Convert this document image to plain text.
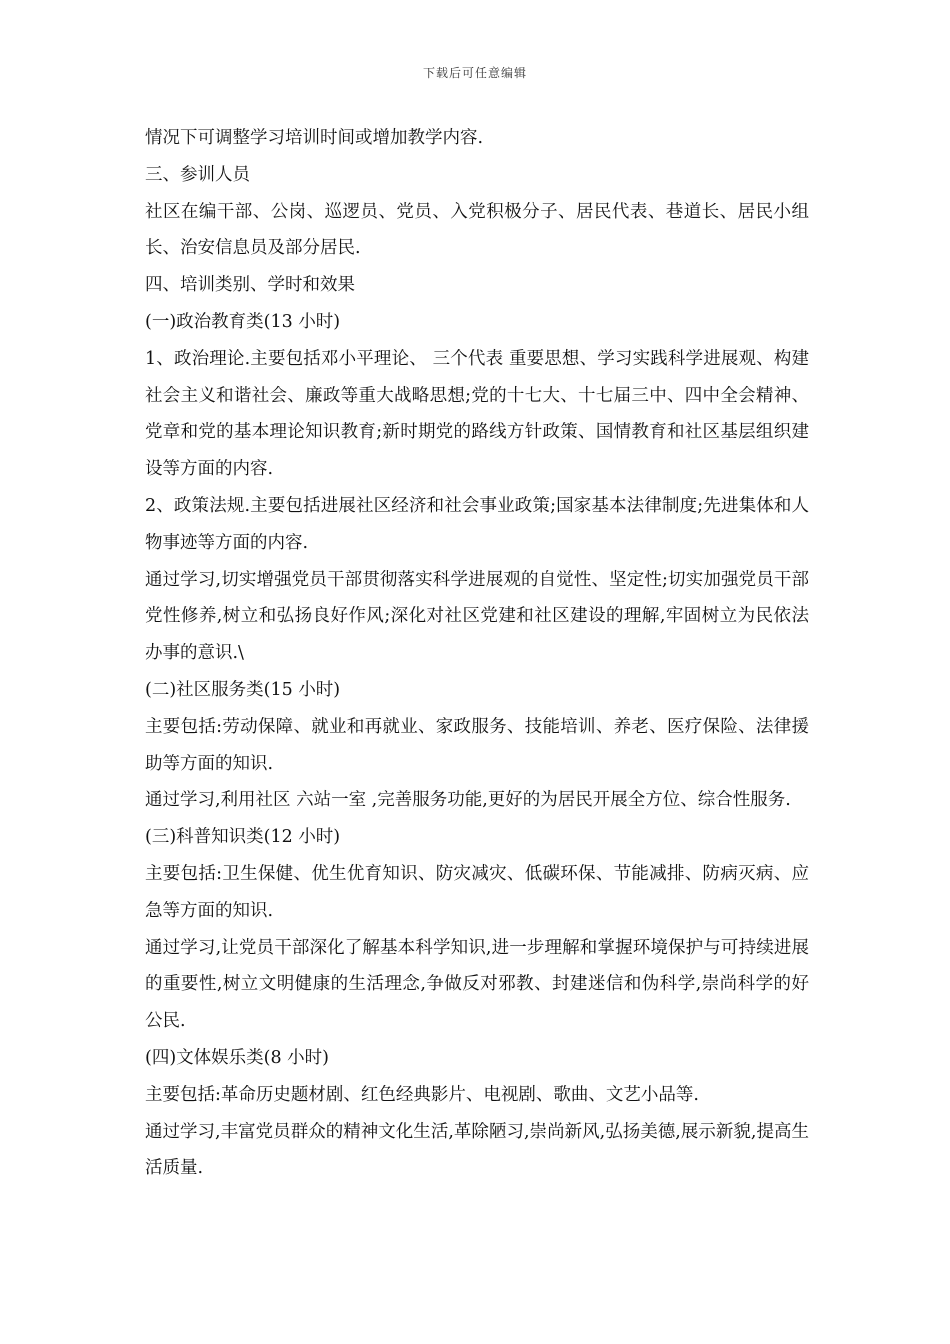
下载后可任意编辑

情况下可调整学习培训时间或增加教学内容.

三、参训人员

社区在编干部、公岗、巡逻员、党员、入党积极分子、居民代表、巷道长、居民小组长、治安信息员及部分居民.

四、培训类别、学时和效果

(一)政治教育类(13 小时)

1、政治理论.主要包括邓小平理论、 三个代表 重要思想、学习实践科学进展观、构建社会主义和谐社会、廉政等重大战略思想;党的十七大、十七届三中、四中全会精神、党章和党的基本理论知识教育;新时期党的路线方针政策、国情教育和社区基层组织建设等方面的内容.

2、政策法规.主要包括进展社区经济和社会事业政策;国家基本法律制度;先进集体和人物事迹等方面的内容.

通过学习,切实增强党员干部贯彻落实科学进展观的自觉性、坚定性;切实加强党员干部党性修养,树立和弘扬良好作风;深化对社区党建和社区建设的理解,牢固树立为民依法办事的意识.\

(二)社区服务类(15 小时)

主要包括:劳动保障、就业和再就业、家政服务、技能培训、养老、医疗保险、法律援助等方面的知识.

通过学习,利用社区 六站一室 ,完善服务功能,更好的为居民开展全方位、综合性服务.

(三)科普知识类(12 小时)

主要包括:卫生保健、优生优育知识、防灾减灾、低碳环保、节能减排、防病灭病、应急等方面的知识.

通过学习,让党员干部深化了解基本科学知识,进一步理解和掌握环境保护与可持续进展的重要性,树立文明健康的生活理念,争做反对邪教、封建迷信和伪科学,崇尚科学的好公民.

(四)文体娱乐类(8 小时)

主要包括:革命历史题材剧、红色经典影片、电视剧、歌曲、文艺小品等.

通过学习,丰富党员群众的精神文化生活,革除陋习,崇尚新风,弘扬美德,展示新貌,提高生活质量.
